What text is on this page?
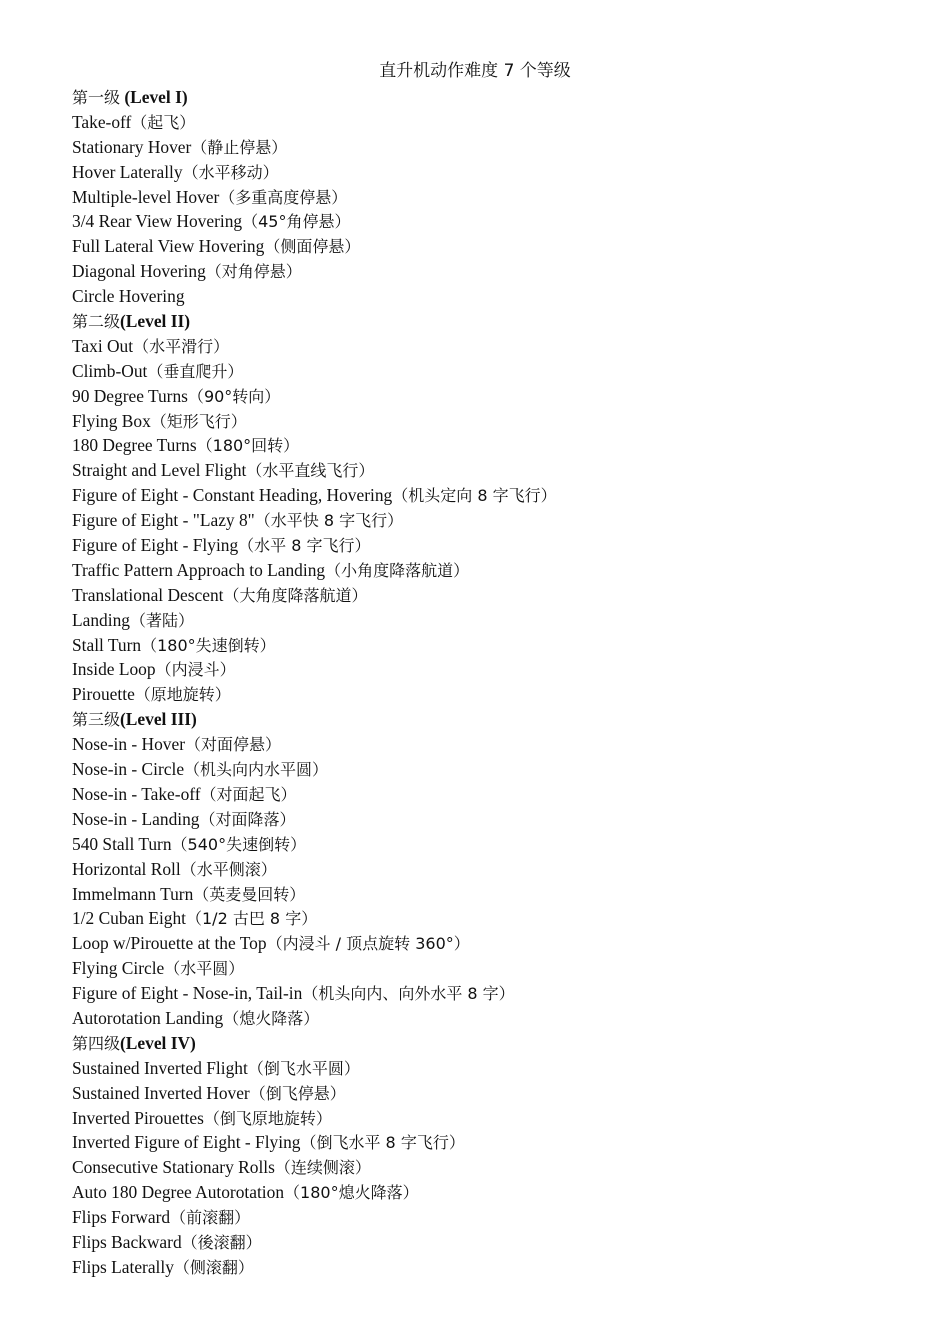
直升机动作难度 7 个等级
第一级 (Level I)
Take-off（起飞）
Stationary Hover（静止停悬）
Hover Laterally（水平移动）
Multiple-level Hover（多重高度停悬）
3/4 Rear View Hovering（45°角停悬）
Full Lateral View Hovering（侧面停悬）
Diagonal Hovering（对角停悬）
Circle Hovering
第二级(Level II)
Taxi Out（水平滑行）
Climb-Out（垂直爬升）
90 Degree Turns（90°转向）
Flying Box（矩形飞行）
180 Degree Turns（180°回转）
Straight and Level Flight（水平直线飞行）
Figure of Eight - Constant Heading, Hovering（机头定向 8 字飞行）
Figure of Eight - "Lazy 8"（水平快 8 字飞行）
Figure of Eight - Flying（水平 8 字飞行）
Traffic Pattern Approach to Landing（小角度降落航道）
Translational Descent（大角度降落航道）
Landing（著陆）
Stall Turn（180°失速倒转）
Inside Loop（内浸斗）
Pirouette（原地旋转）
第三级(Level III)
Nose-in - Hover（对面停悬）
Nose-in - Circle（机头向内水平圆）
Nose-in - Take-off（对面起飞）
Nose-in - Landing（对面降落）
540 Stall Turn（540°失速倒转）
Horizontal Roll（水平侧滚）
Immelmann Turn（英麦曼回转）
1/2 Cuban Eight（1/2 古巴 8 字）
Loop w/Pirouette at the Top（内浸斗 / 顶点旋转 360°）
Flying Circle（水平圆）
Figure of Eight - Nose-in, Tail-in（机头向内、向外水平 8 字）
Autorotation Landing（熄火降落）
第四级(Level IV)
Sustained Inverted Flight（倒飞水平圆）
Sustained Inverted Hover（倒飞停悬）
Inverted Pirouettes（倒飞原地旋转）
Inverted Figure of Eight - Flying（倒飞水平 8 字飞行）
Consecutive Stationary Rolls（连续侧滚）
Auto 180 Degree Autorotation（180°熄火降落）
Flips Forward（前滚翻）
Flips Backward（後滚翻）
Flips Laterally（侧滚翻）
